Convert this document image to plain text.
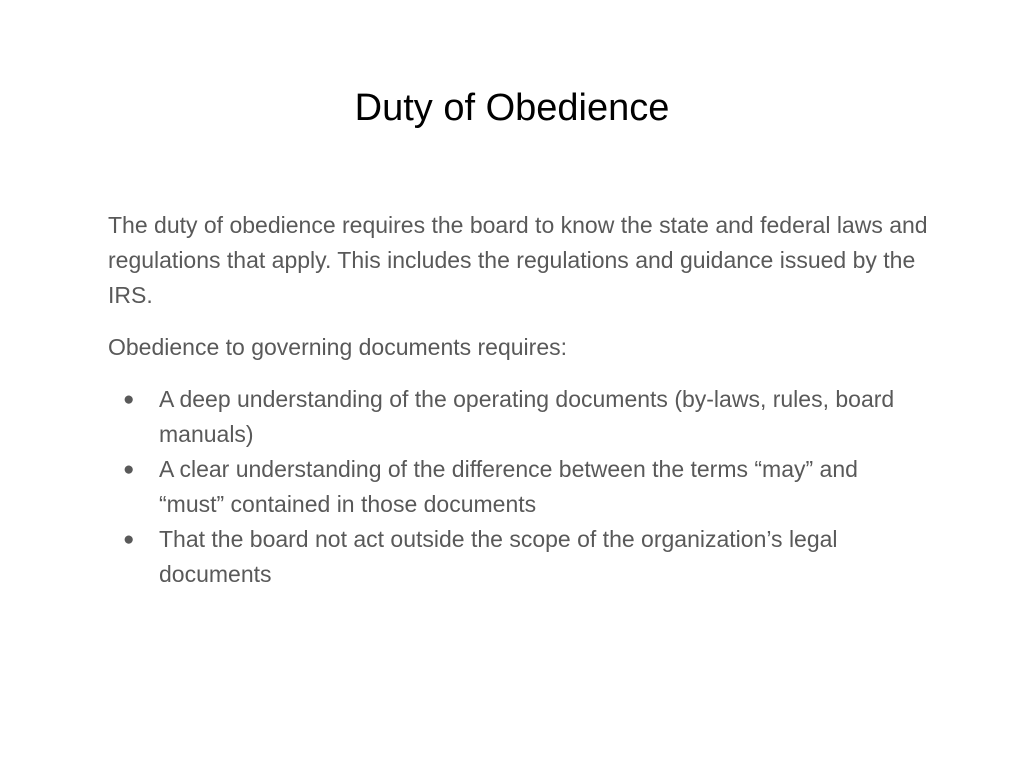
Duty of Obedience

The duty of obedience requires the board to know the state and federal laws and regulations that apply. This includes the regulations and guidance issued by the IRS.

Obedience to governing documents requires:

● A deep understanding of the operating documents (by-laws, rules, board manuals)
● A clear understanding of the difference between the terms “may” and “must” contained in those documents
● That the board not act outside the scope of the organization’s legal documents
